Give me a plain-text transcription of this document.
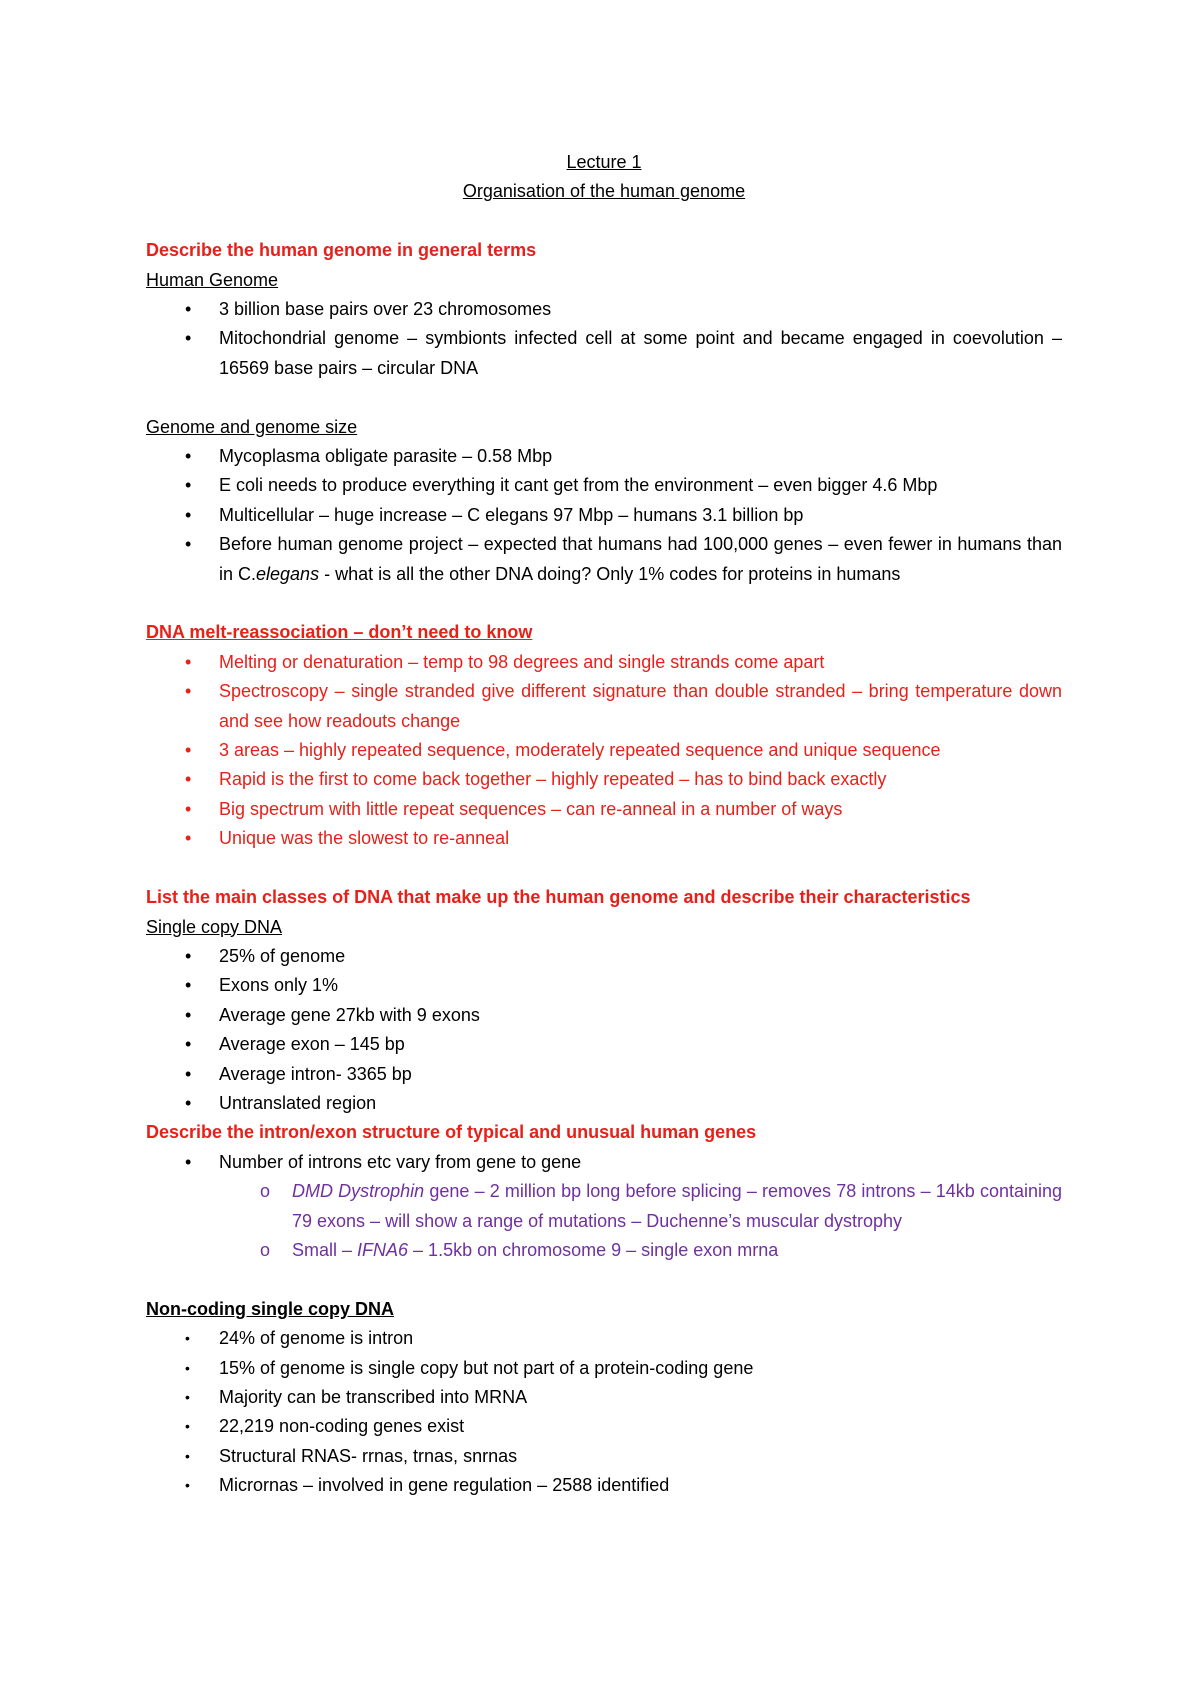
Lecture 1
Organisation of the human genome
Describe the human genome in general terms
Human Genome
• 3 billion base pairs over 23 chromosomes
• Mitochondrial genome – symbionts infected cell at some point and became engaged in coevolution – 16569 base pairs – circular DNA
Genome and genome size
• Mycoplasma obligate parasite – 0.58 Mbp
• E coli needs to produce everything it cant get from the environment – even bigger 4.6 Mbp
• Multicellular – huge increase – C elegans 97 Mbp – humans 3.1 billion bp
• Before human genome project – expected that humans had 100,000 genes – even fewer in humans than in C.elegans - what is all the other DNA doing? Only 1% codes for proteins in humans
DNA melt-reassociation – don’t need to know
• Melting or denaturation – temp to 98 degrees and single strands come apart
• Spectroscopy – single stranded give different signature than double stranded – bring temperature down and see how readouts change
• 3 areas – highly repeated sequence, moderately repeated sequence and unique sequence
• Rapid is the first to come back together – highly repeated – has to bind back exactly
• Big spectrum with little repeat sequences – can re-anneal in a number of ways
• Unique was the slowest to re-anneal
List the main classes of DNA that make up the human genome and describe their characteristics
Single copy DNA
• 25% of genome
• Exons only 1%
• Average gene 27kb with 9 exons
• Average exon – 145 bp
• Average intron- 3365 bp
• Untranslated region
Describe the intron/exon structure of typical and unusual human genes
• Number of introns etc vary from gene to gene
o DMD Dystrophin gene – 2 million bp long before splicing – removes 78 introns – 14kb containing 79 exons – will show a range of mutations – Duchenne’s muscular dystrophy
o Small – IFNA6 – 1.5kb on chromosome 9 – single exon mrna
Non-coding single copy DNA
• 24% of genome is intron
• 15% of genome is single copy but not part of a protein-coding gene
• Majority can be transcribed into MRNA
• 22,219 non-coding genes exist
• Structural RNAS- rrnas, trnas, snrnas
• Micrornas – involved in gene regulation – 2588 identified
